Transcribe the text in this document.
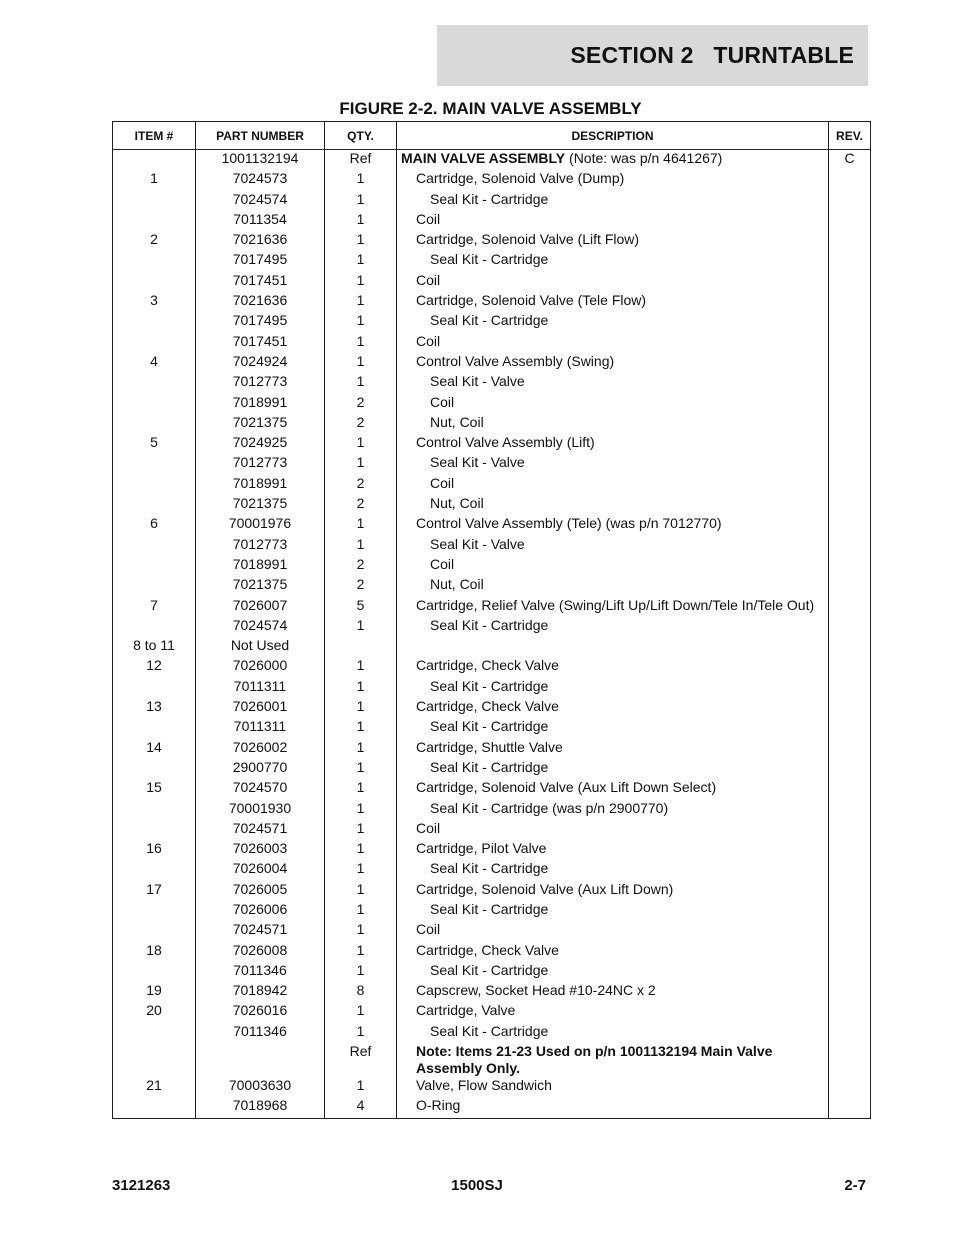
SECTION 2   TURNTABLE
FIGURE 2-2. MAIN VALVE ASSEMBLY
ITEM #	PART NUMBER	QTY.	DESCRIPTION	REV.
	1001132194	Ref	MAIN VALVE ASSEMBLY (Note: was p/n 4641267)	C
1	7024573	1	Cartridge, Solenoid Valve (Dump)	
	7024574	1	Seal Kit - Cartridge	
	7011354	1	Coil	
2	7021636	1	Cartridge, Solenoid Valve (Lift Flow)	
	7017495	1	Seal Kit - Cartridge	
	7017451	1	Coil	
3	7021636	1	Cartridge, Solenoid Valve (Tele Flow)	
	7017495	1	Seal Kit - Cartridge	
	7017451	1	Coil	
4	7024924	1	Control Valve Assembly (Swing)	
	7012773	1	Seal Kit - Valve	
	7018991	2	Coil	
	7021375	2	Nut, Coil	
5	7024925	1	Control Valve Assembly (Lift)	
	7012773	1	Seal Kit - Valve	
	7018991	2	Coil	
	7021375	2	Nut, Coil	
6	70001976	1	Control Valve Assembly (Tele) (was p/n 7012770)	
	7012773	1	Seal Kit - Valve	
	7018991	2	Coil	
	7021375	2	Nut, Coil	
7	7026007	5	Cartridge, Relief Valve (Swing/Lift Up/Lift Down/Tele In/Tele Out)	
	7024574	1	Seal Kit - Cartridge	
8 to 11	Not Used			
12	7026000	1	Cartridge, Check Valve	
	7011311	1	Seal Kit - Cartridge	
13	7026001	1	Cartridge, Check Valve	
	7011311	1	Seal Kit - Cartridge	
14	7026002	1	Cartridge, Shuttle Valve	
	2900770	1	Seal Kit - Cartridge	
15	7024570	1	Cartridge, Solenoid Valve (Aux Lift Down Select)	
	70001930	1	Seal Kit - Cartridge (was p/n 2900770)	
	7024571	1	Coil	
16	7026003	1	Cartridge, Pilot Valve	
	7026004	1	Seal Kit - Cartridge	
17	7026005	1	Cartridge, Solenoid Valve (Aux Lift Down)	
	7026006	1	Seal Kit - Cartridge	
	7024571	1	Coil	
18	7026008	1	Cartridge, Check Valve	
	7011346	1	Seal Kit - Cartridge	
19	7018942	8	Capscrew, Socket Head #10-24NC x 2	
20	7026016	1	Cartridge, Valve	
	7011346	1	Seal Kit - Cartridge	
		Ref	Note: Items 21-23 Used on p/n 1001132194 Main Valve Assembly Only.	
21	70003630	1	Valve, Flow Sandwich	
	7018968	4	O-Ring	
3121263	1500SJ	2-7
